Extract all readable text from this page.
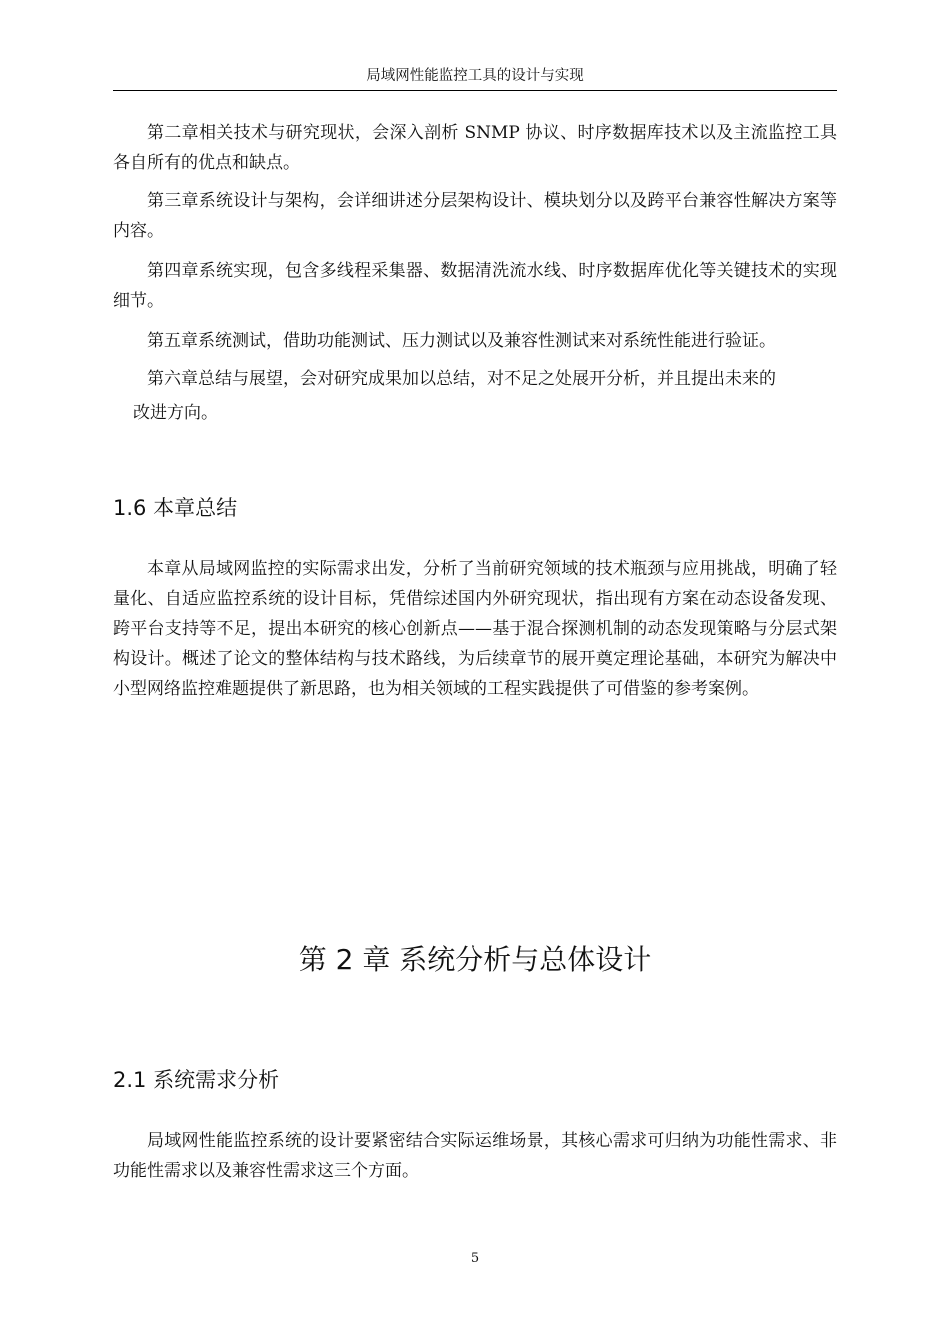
局域网性能监控工具的设计与实现

第二章相关技术与研究现状，会深入剖析 SNMP 协议、时序数据库技术以及主流监控工具各自所有的优点和缺点。

第三章系统设计与架构，会详细讲述分层架构设计、模块划分以及跨平台兼容性解决方案等内容。

第四章系统实现，包含多线程采集器、数据清洗流水线、时序数据库优化等关键技术的实现细节。

第五章系统测试，借助功能测试、压力测试以及兼容性测试来对系统性能进行验证。

第六章总结与展望，会对研究成果加以总结，对不足之处展开分析，并且提出未来的

改进方向。

1.6 本章总结

本章从局域网监控的实际需求出发，分析了当前研究领域的技术瓶颈与应用挑战，明确了轻量化、自适应监控系统的设计目标，凭借综述国内外研究现状，指出现有方案在动态设备发现、跨平台支持等不足，提出本研究的核心创新点——基于混合探测机制的动态发现策略与分层式架构设计。概述了论文的整体结构与技术路线，为后续章节的展开奠定理论基础，本研究为解决中小型网络监控难题提供了新思路，也为相关领域的工程实践提供了可借鉴的参考案例。

第 2 章 系统分析与总体设计
2.1 系统需求分析

局域网性能监控系统的设计要紧密结合实际运维场景，其核心需求可归纳为功能性需求、非功能性需求以及兼容性需求这三个方面。

5
